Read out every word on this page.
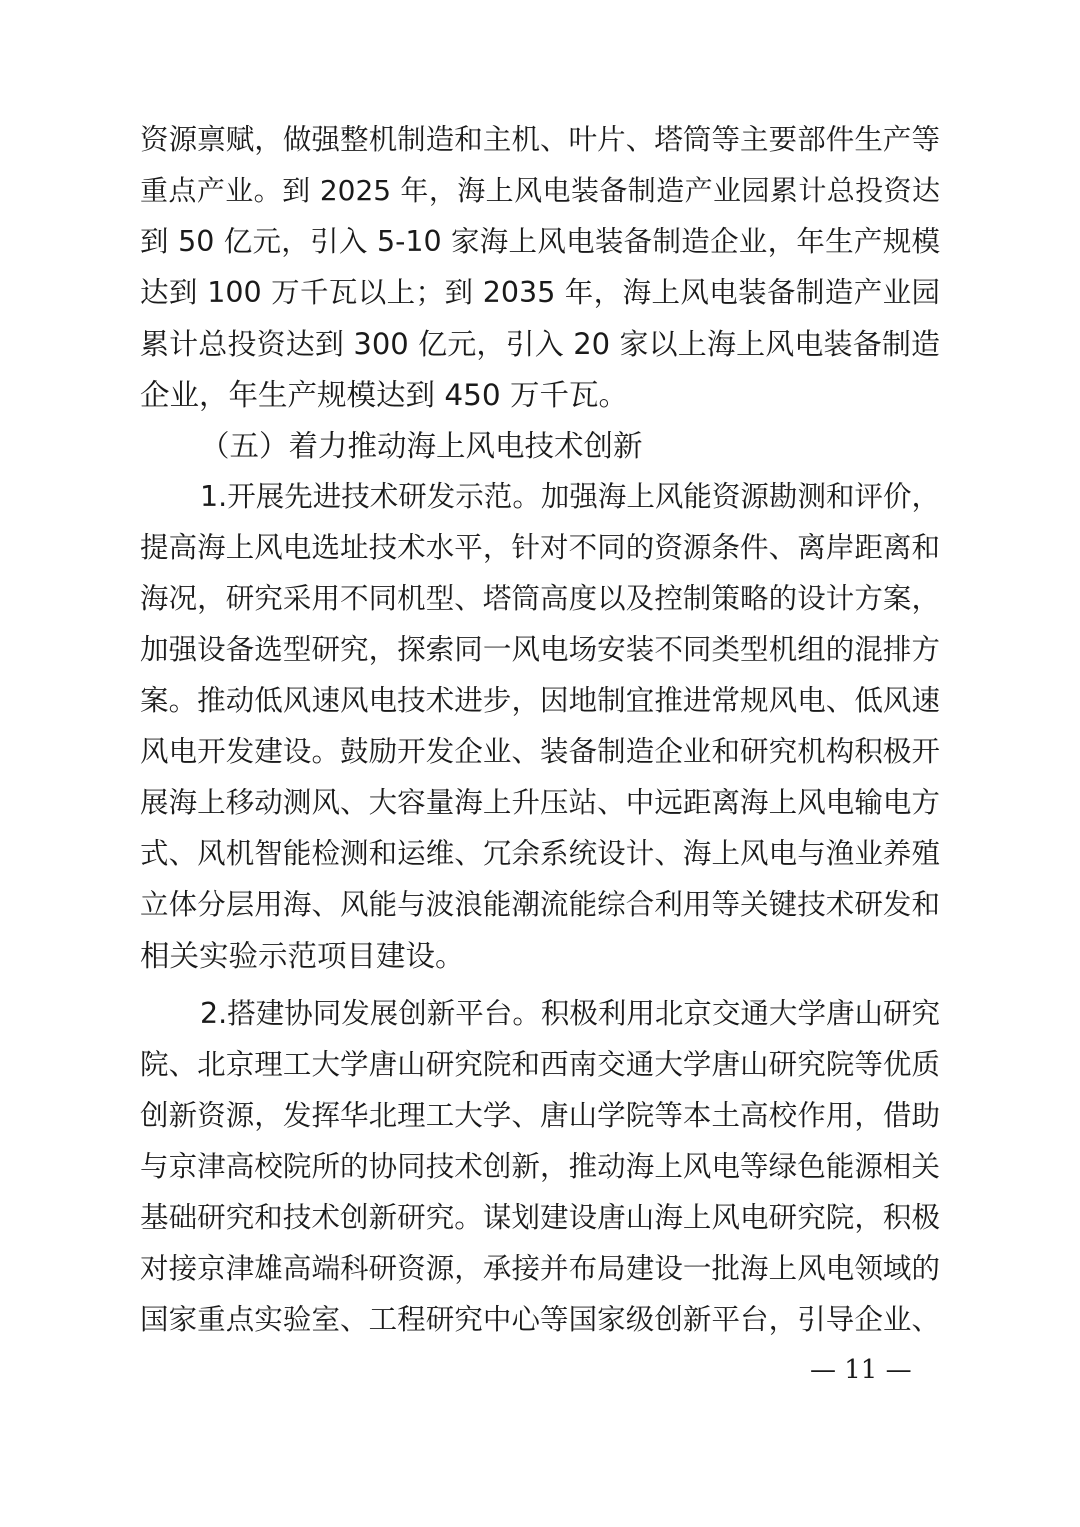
资源禀赋，做强整机制造和主机、叶片、塔筒等主要部件生产等
重点产业。到 2025 年，海上风电装备制造产业园累计总投资达
到 50 亿元，引入 5-10 家海上风电装备制造企业，年生产规模
达到 100 万千瓦以上；到 2035 年，海上风电装备制造产业园
累计总投资达到 300 亿元，引入 20 家以上海上风电装备制造
企业，年生产规模达到 450 万千瓦。
（五）着力推动海上风电技术创新
1.开展先进技术研发示范。加强海上风能资源勘测和评价，
提高海上风电选址技术水平，针对不同的资源条件、离岸距离和
海况，研究采用不同机型、塔筒高度以及控制策略的设计方案，
加强设备选型研究，探索同一风电场安装不同类型机组的混排方
案。推动低风速风电技术进步，因地制宜推进常规风电、低风速
风电开发建设。鼓励开发企业、装备制造企业和研究机构积极开
展海上移动测风、大容量海上升压站、中远距离海上风电输电方
式、风机智能检测和运维、冗余系统设计、海上风电与渔业养殖
立体分层用海、风能与波浪能潮流能综合利用等关键技术研发和
相关实验示范项目建设。
2.搭建协同发展创新平台。积极利用北京交通大学唐山研究
院、北京理工大学唐山研究院和西南交通大学唐山研究院等优质
创新资源，发挥华北理工大学、唐山学院等本土高校作用，借助
与京津高校院所的协同技术创新，推动海上风电等绿色能源相关
基础研究和技术创新研究。谋划建设唐山海上风电研究院，积极
对接京津雄高端科研资源，承接并布局建设一批海上风电领域的
国家重点实验室、工程研究中心等国家级创新平台，引导企业、
— 11 —
